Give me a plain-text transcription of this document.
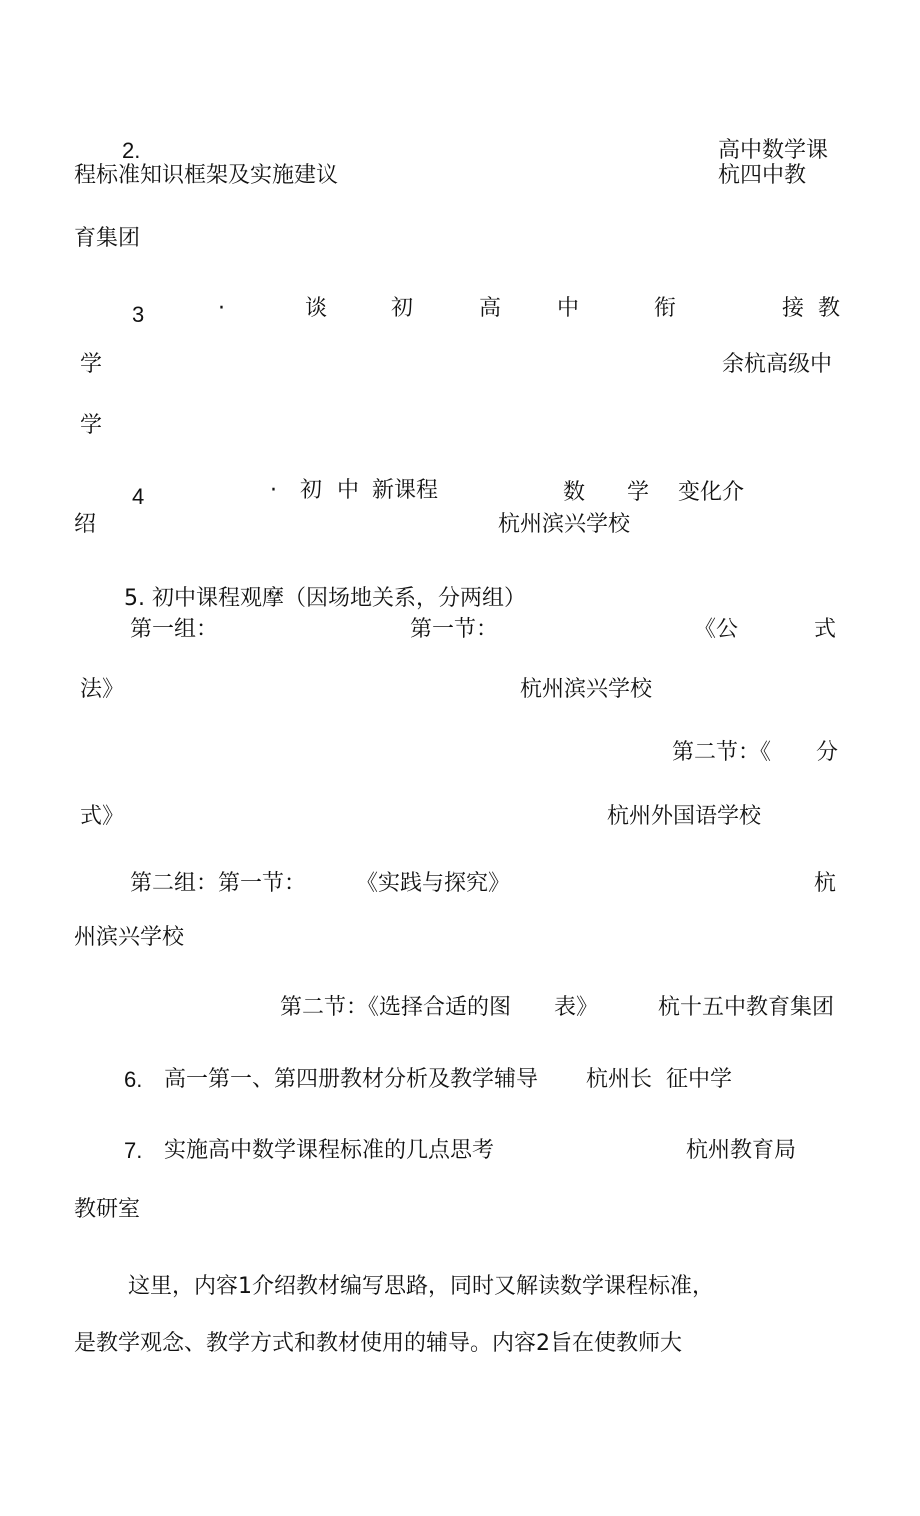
2.	高中数学课
程标准知识框架及实施建议	杭四中教
育集团
3	·	谈	初	高	中	衔	接 教
学	余杭高级中
学
4	· 初 中 新课程	数 学 变化介
绍	杭州滨兴学校
5. 初中课程观摩（因场地关系，分两组）
第一组：	第一节：	《公	式
法》	杭州滨兴学校
第二节：《 分
式》	杭州外国语学校
第二组：第一节： 《实践与探究》	杭
州滨兴学校
第二节：《选择合适的图 表》	杭十五中教育集团
6. 高一第一、第四册教材分析及教学辅导 杭州长 征中学
7. 实施高中数学课程标准的几点思考	杭州教育局
教研室
这里，内容1介绍教材编写思路，同时又解读数学课程标准，
是教学观念、教学方式和教材使用的辅导。内容2旨在使教师大
